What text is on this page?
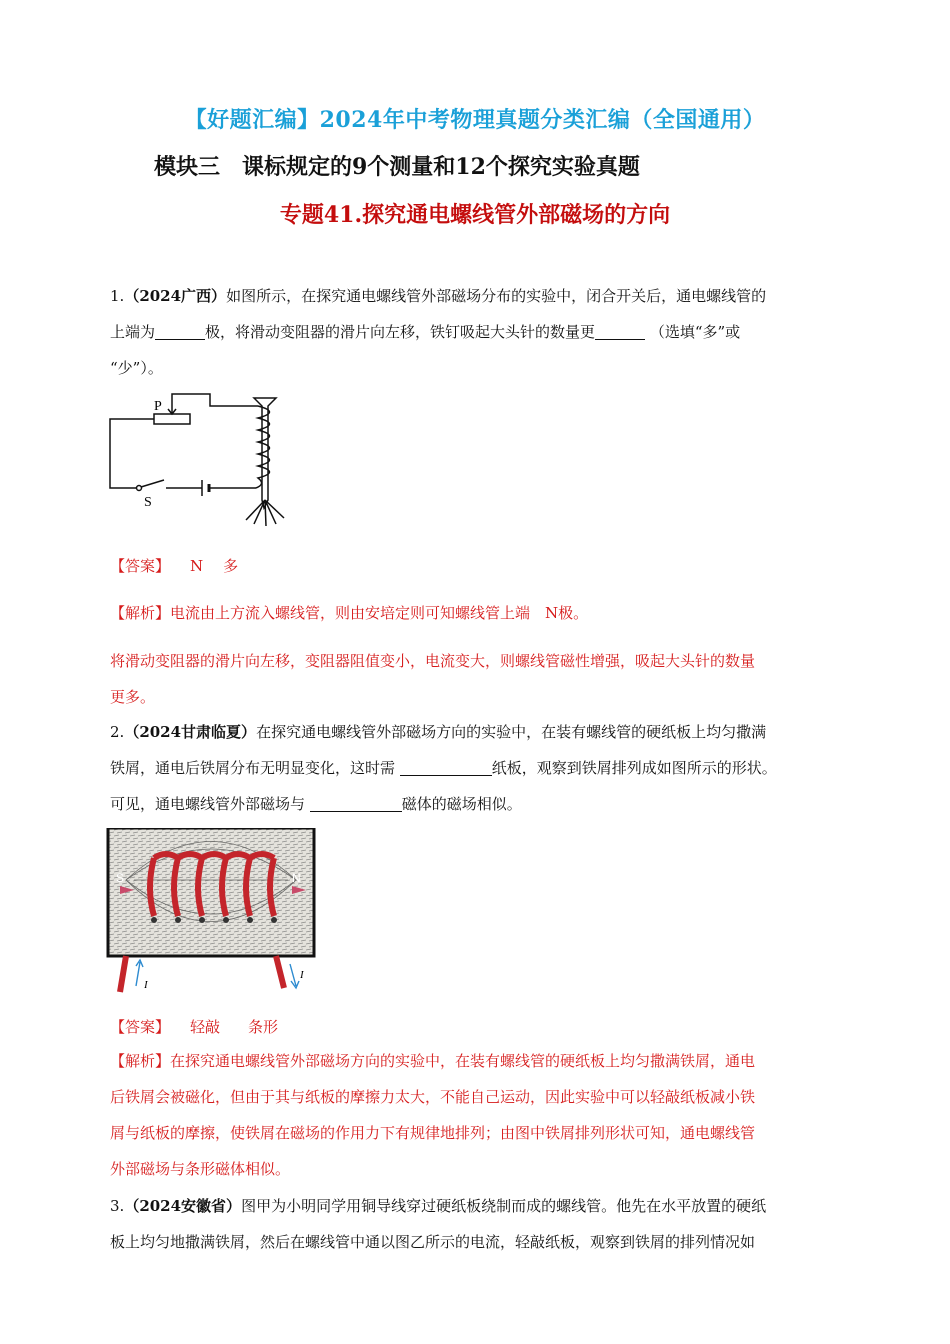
【好题汇编】2024年中考物理真题分类汇编（全国通用）
模块三　课标规定的9个测量和12个探究实验真题
专题41.探究通电螺线管外部磁场的方向
1.（2024广西）如图所示，在探究通电螺线管外部磁场分布的实验中，闭合开关后，通电螺线管的
上端为	极，将滑动变阻器的滑片向左移，铁钉吸起大头针的数量更	（选填“多”或
“少”）。
P
S
【答案】 N 多
【解析】电流由上方流入螺线管，则由安培定则可知螺线管上端　N极。
将滑动变阻器的滑片向左移，变阻器阻值变小，电流变大，则螺线管磁性增强，吸起大头针的数量
更多。
2.（2024甘肃临夏）在探究通电螺线管外部磁场方向的实验中，在装有螺线管的硬纸板上均匀撒满
铁屑，通电后铁屑分布无明显变化，这时需	纸板，观察到铁屑排列成如图所示的形状。
可见，通电螺线管外部磁场与	磁体的磁场相似。
S	N
I
I
【答案】 轻敲 条形
【解析】在探究通电螺线管外部磁场方向的实验中，在装有螺线管的硬纸板上均匀撒满铁屑，通电
后铁屑会被磁化，但由于其与纸板的摩擦力太大，不能自己运动，因此实验中可以轻敲纸板减小铁
屑与纸板的摩擦，使铁屑在磁场的作用力下有规律地排列；由图中铁屑排列形状可知，通电螺线管
外部磁场与条形磁体相似。
3.（2024安徽省）图甲为小明同学用铜导线穿过硬纸板绕制而成的螺线管。他先在水平放置的硬纸
板上均匀地撒满铁屑，然后在螺线管中通以图乙所示的电流，轻敲纸板，观察到铁屑的排列情况如
